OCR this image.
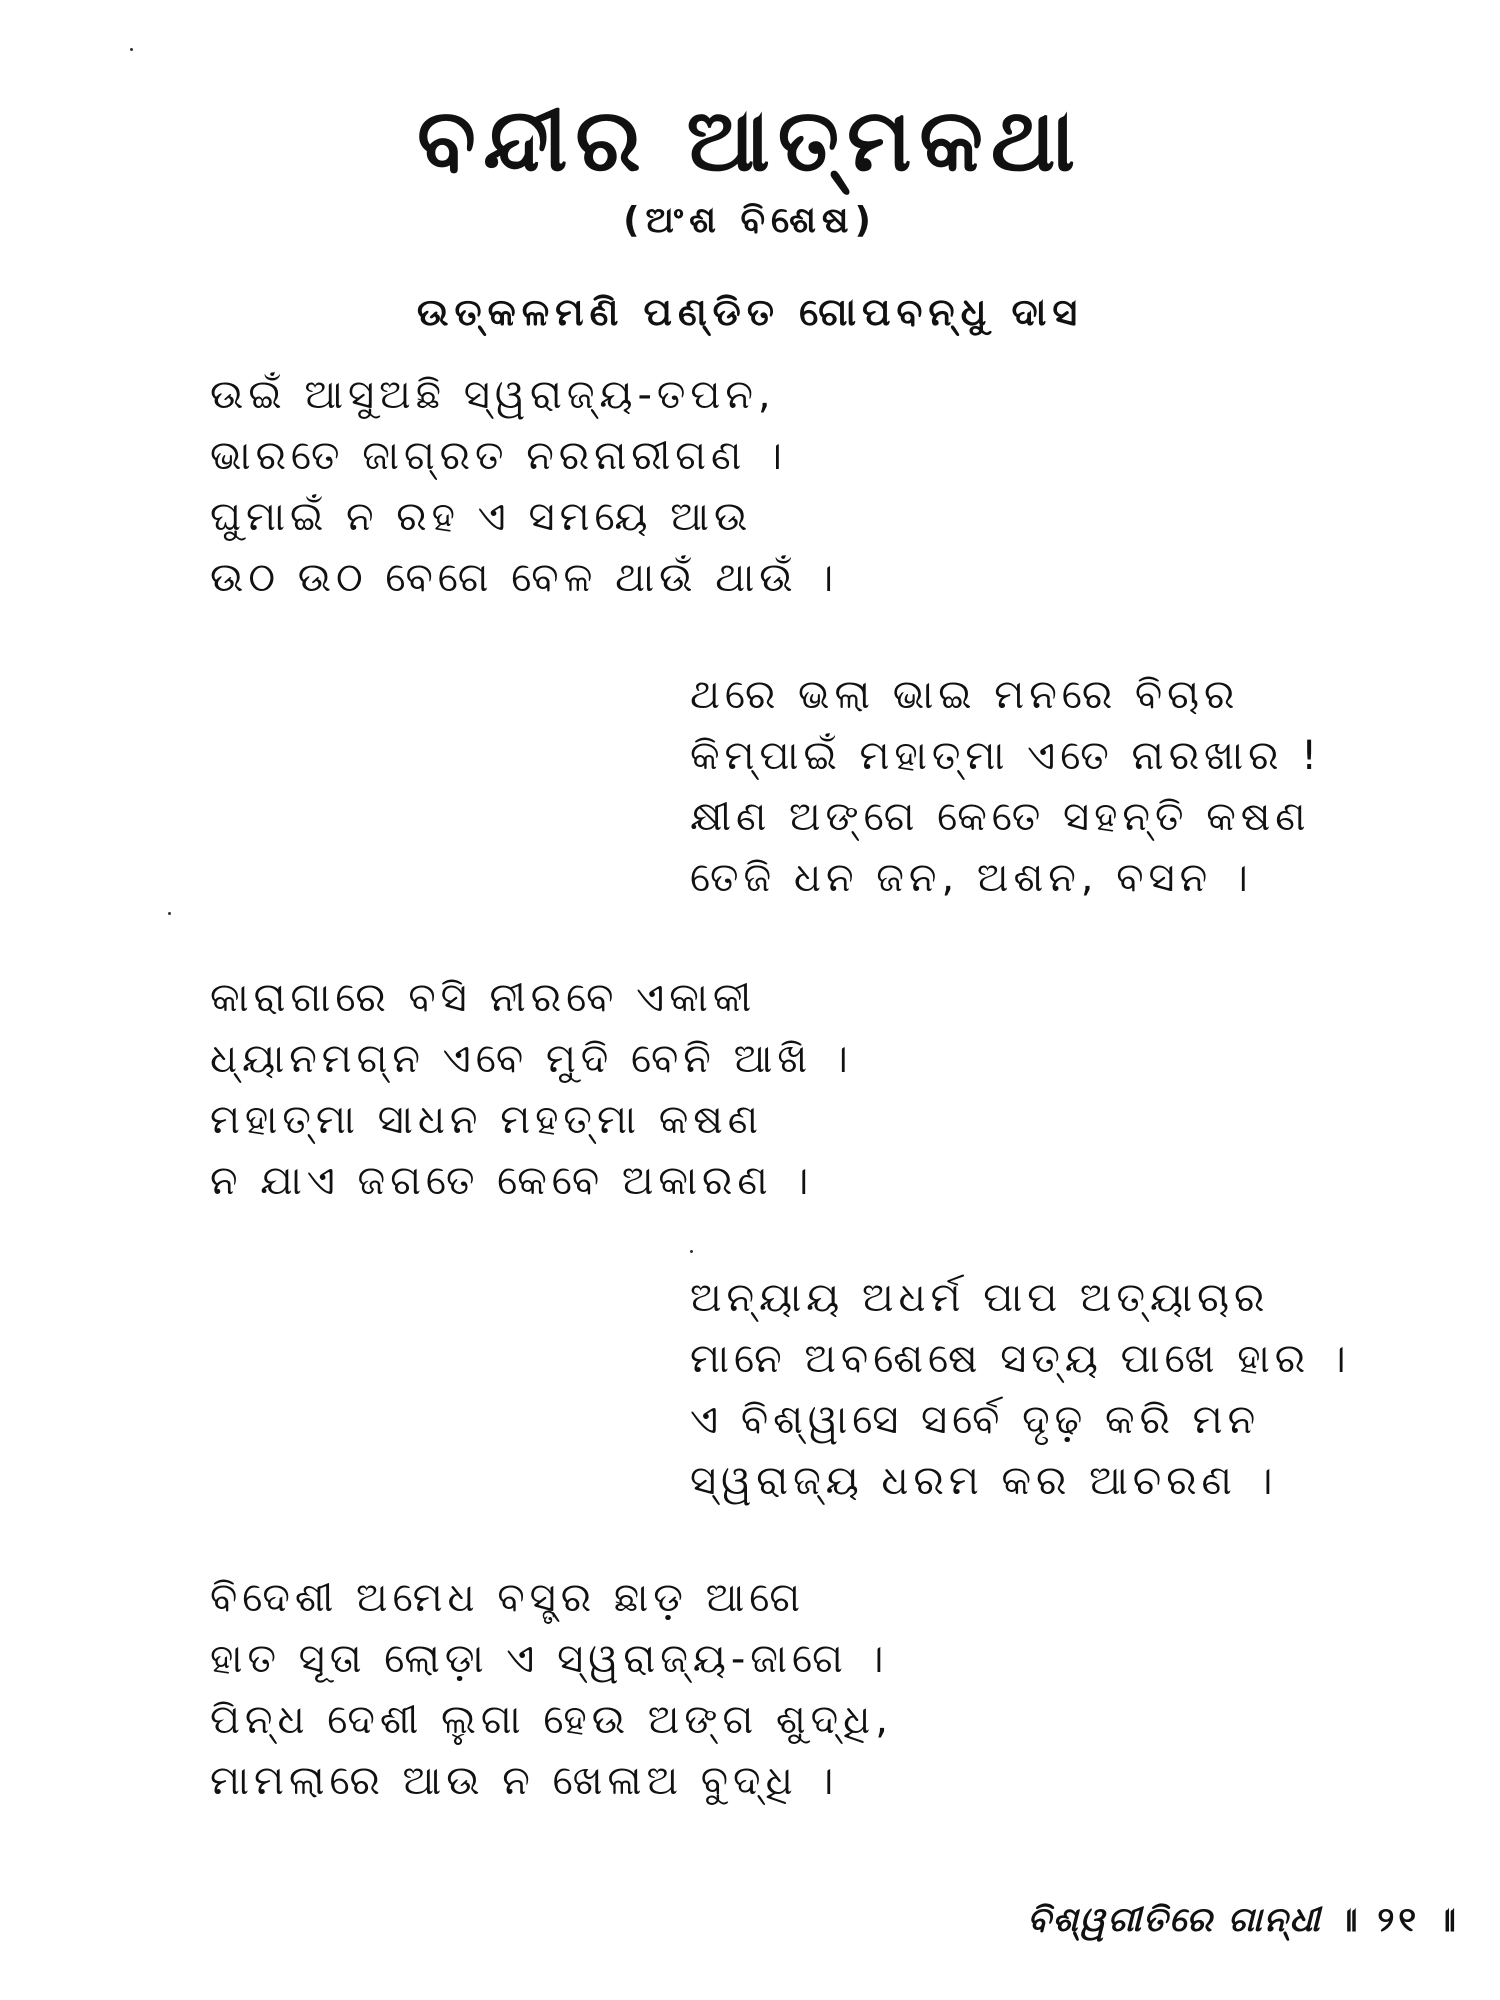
ବନ୍ଦୀର ଆତ୍ମକଥା
(ଅଂଶ ବିଶେଷ)
ଉତ୍କଳମଣି ପଣ୍ଡିତ ଗୋପବନ୍ଧୁ ଦାସ
ଉଇଁ ଆସୁଅଛି ସ୍ୱରାଜ୍ୟ-ତପନ,
ଭାରତେ ଜାଗ୍ରତ ନରନାରୀଗଣ ।
ଘୁମାଇଁ ନ ରହ ଏ ସମୟେ ଆଉ
ଉଠ ଉଠ ବେଗେ ବେଳ ଥାଉଁ ଥାଉଁ ।
ଥରେ ଭଲା ଭାଇ ମନରେ ବିଚାର
କିମ୍ପାଇଁ ମହାତ୍ମା ଏତେ ନାରଖାର !
କ୍ଷୀଣ ଅଙ୍ଗେ କେତେ ସହନ୍ତି କଷଣ
ତେଜି ଧନ ଜନ, ଅଶନ, ବସନ ।
କାରାଗାରେ ବସି ନୀରବେ ଏକାକୀ
ଧ୍ୟାନମଗ୍ନ ଏବେ ମୁଦି ବେନି ଆଖି ।
ମହାତ୍ମା ସାଧନ ମହତ୍ମା କଷଣ
ନ ଯାଏ ଜଗତେ କେବେ ଅକାରଣ ।
ଅନ୍ୟାୟ ଅଧର୍ମ ପାପ ଅତ୍ୟାଚାର
ମାନେ ଅବଶେଷେ ସତ୍ୟ ପାଖେ ହାର ।
ଏ ବିଶ୍ୱାସେ ସର୍ବେ ଦୃଢ଼ କରି ମନ
ସ୍ୱରାଜ୍ୟ ଧରମ କର ଆଚରଣ ।
ବିଦେଶୀ ଅମେଧ ବସ୍ତ୍ର ଛାଡ଼ ଆଗେ
ହାତ ସୂତା ଲୋଡ଼ା ଏ ସ୍ୱରାଜ୍ୟ-ଜାଗେ ।
ପିନ୍ଧ ଦେଶୀ ଲୁଗା ହେଉ ଅଙ୍ଗ ଶୁଦ୍ଧି,
ମାମଲାରେ ଆଉ ନ ଖେଳାଅ ବୁଦ୍ଧି ।
ବିଶ୍ୱଗୀତିରେ ଗାନ୍ଧୀ ॥ ୨୧ ॥
